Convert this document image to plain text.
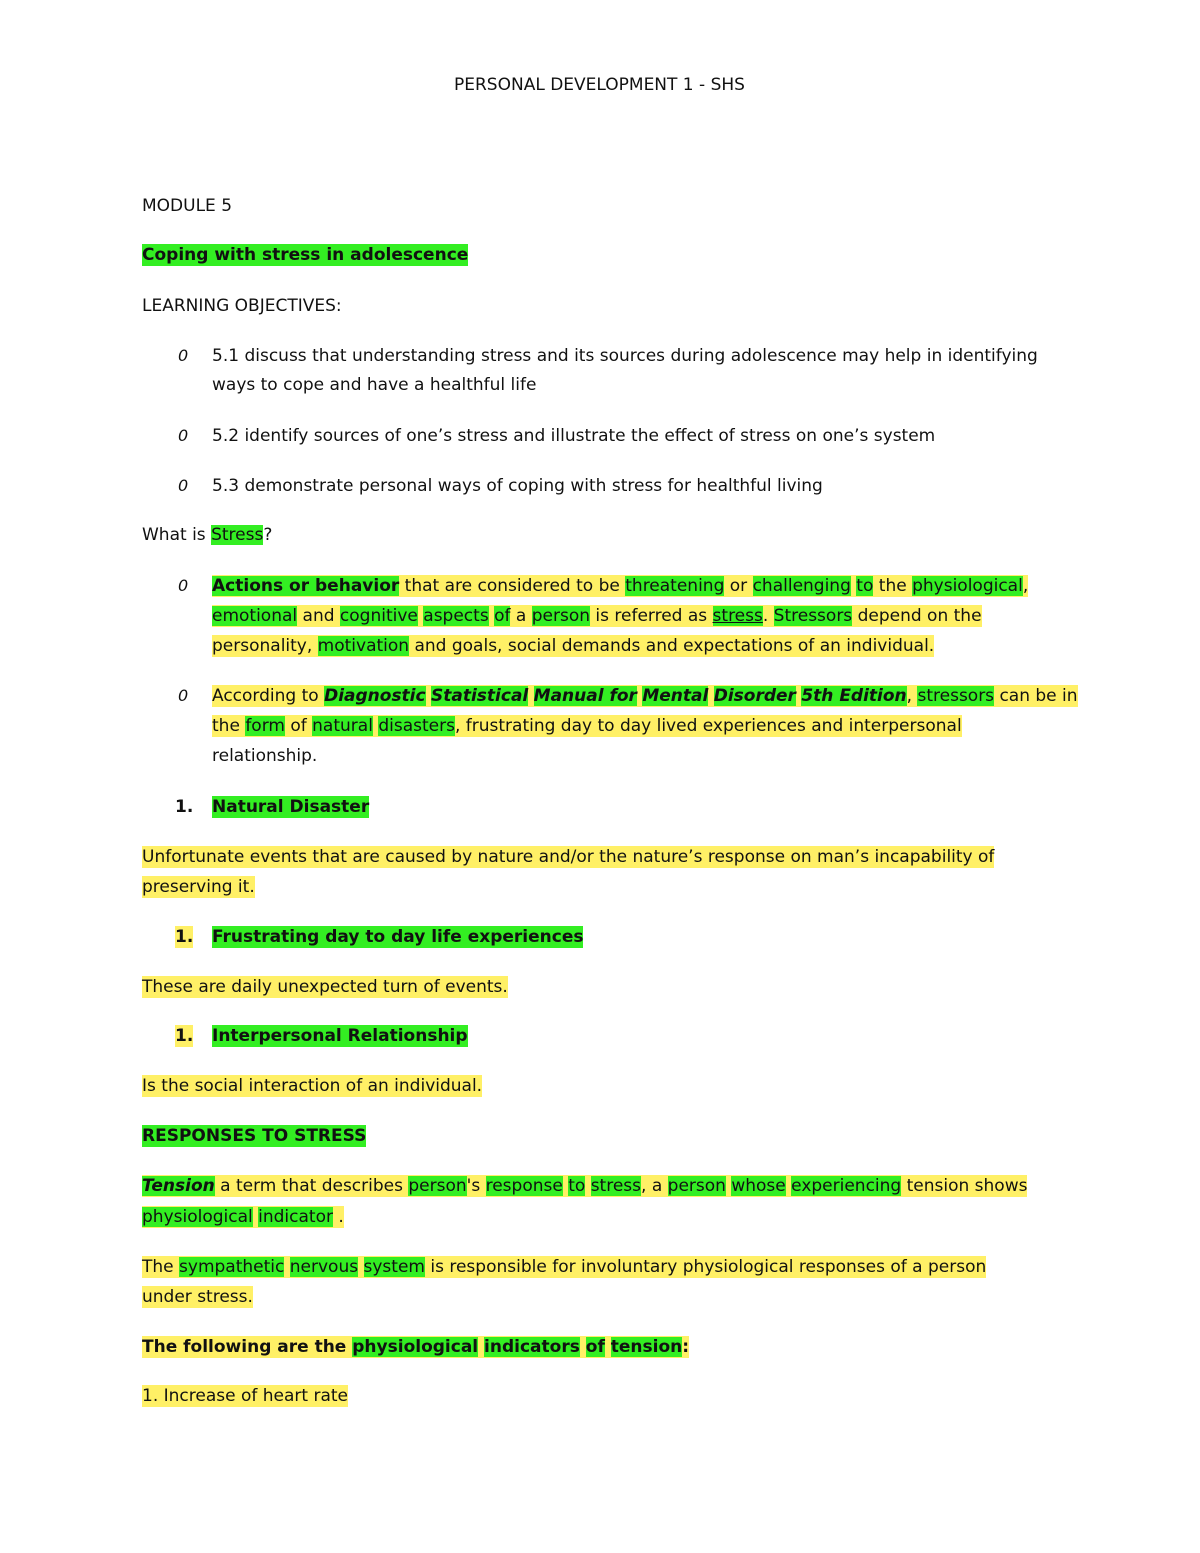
PERSONAL DEVELOPMENT 1 - SHS
MODULE 5
Coping with stress in adolescence
LEARNING OBJECTIVES:
0 5.1 discuss that understanding stress and its sources during adolescence may help in identifying
ways to cope and have a healthful life
0 5.2 identify sources of one’s stress and illustrate the effect of stress on one’s system
0 5.3 demonstrate personal ways of coping with stress for healthful living
What is Stress?
0 Actions or behavior that are considered to be threatening or challenging to the physiological,
emotional and cognitive aspects of a person is referred as stress. Stressors depend on the
personality, motivation and goals, social demands and expectations of an individual.
0 According to Diagnostic Statistical Manual for Mental Disorder 5th Edition, stressors can be in
the form of natural disasters, frustrating day to day lived experiences and interpersonal
relationship.
1. Natural Disaster
Unfortunate events that are caused by nature and/or the nature’s response on man’s incapability of
preserving it.
1. Frustrating day to day life experiences
These are daily unexpected turn of events.
1. Interpersonal Relationship
Is the social interaction of an individual.
RESPONSES TO STRESS
Tension a term that describes person's response to stress, a person whose experiencing tension shows
physiological indicator .
The sympathetic nervous system is responsible for involuntary physiological responses of a person
under stress.
The following are the physiological indicators of tension:
1. Increase of heart rate
